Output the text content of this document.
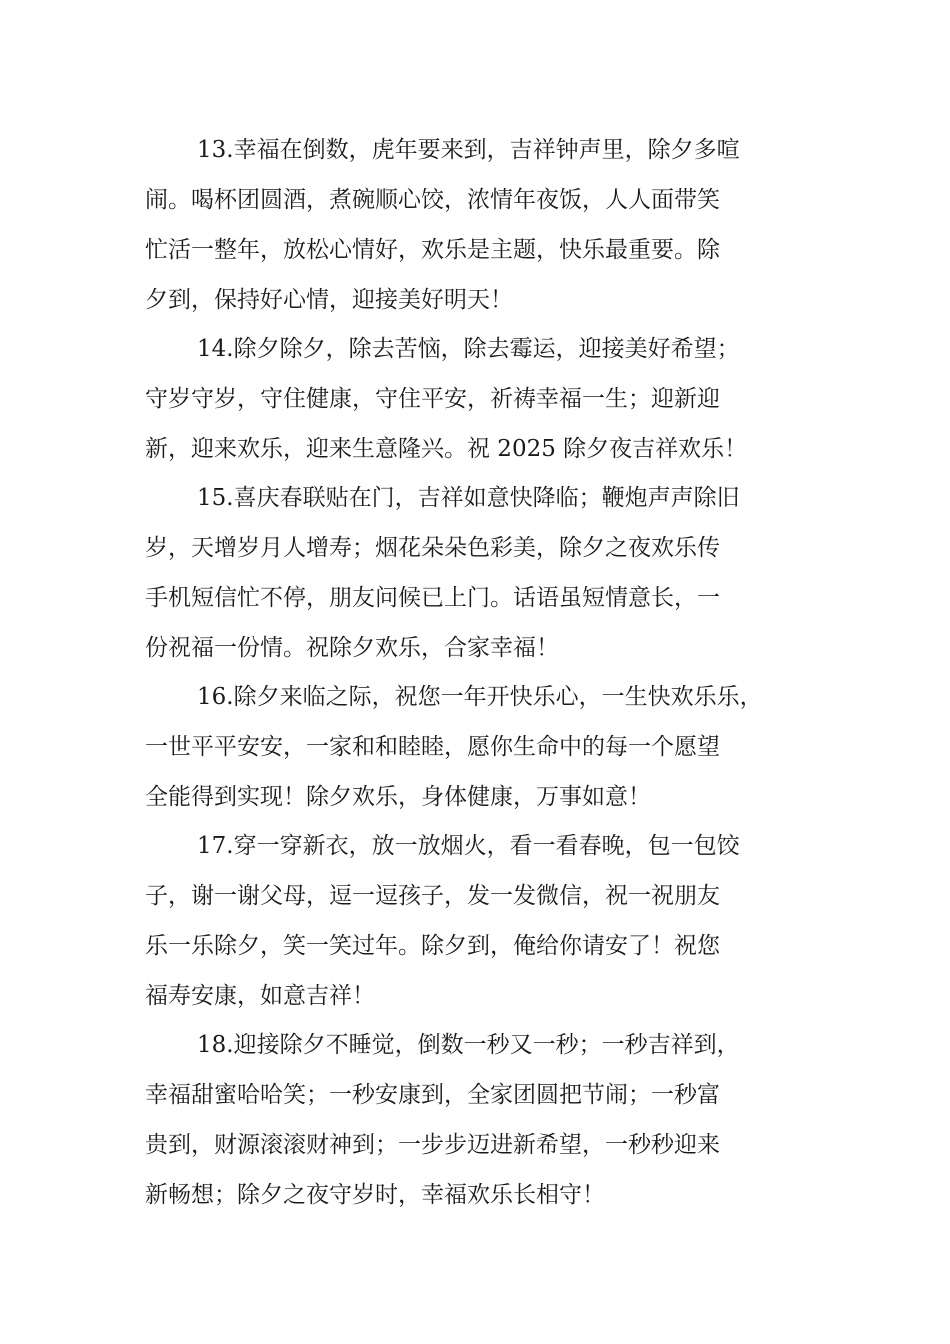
13.幸福在倒数，虎年要来到，吉祥钟声里，除夕多喧

闹。喝杯团圆酒，煮碗顺心饺，浓情年夜饭，人人面带笑

忙活一整年，放松心情好，欢乐是主题，快乐最重要。除

夕到，保持好心情，迎接美好明天！

14.除夕除夕，除去苦恼，除去霉运，迎接美好希望；

守岁守岁，守住健康，守住平安，祈祷幸福一生；迎新迎

新，迎来欢乐，迎来生意隆兴。祝 2025 除夕夜吉祥欢乐！

15.喜庆春联贴在门，吉祥如意快降临；鞭炮声声除旧

岁，天增岁月人增寿；烟花朵朵色彩美，除夕之夜欢乐传

手机短信忙不停，朋友问候已上门。话语虽短情意长，一

份祝福一份情。祝除夕欢乐，合家幸福！

16.除夕来临之际，祝您一年开快乐心，一生快欢乐乐，

一世平平安安，一家和和睦睦，愿你生命中的每一个愿望

全能得到实现！除夕欢乐，身体健康，万事如意！

17.穿一穿新衣，放一放烟火，看一看春晚，包一包饺

子，谢一谢父母，逗一逗孩子，发一发微信，祝一祝朋友

乐一乐除夕，笑一笑过年。除夕到，俺给你请安了！祝您

福寿安康，如意吉祥！

18.迎接除夕不睡觉，倒数一秒又一秒；一秒吉祥到，

幸福甜蜜哈哈笑；一秒安康到，全家团圆把节闹；一秒富

贵到，财源滚滚财神到；一步步迈进新希望，一秒秒迎来

新畅想；除夕之夜守岁时，幸福欢乐长相守！
